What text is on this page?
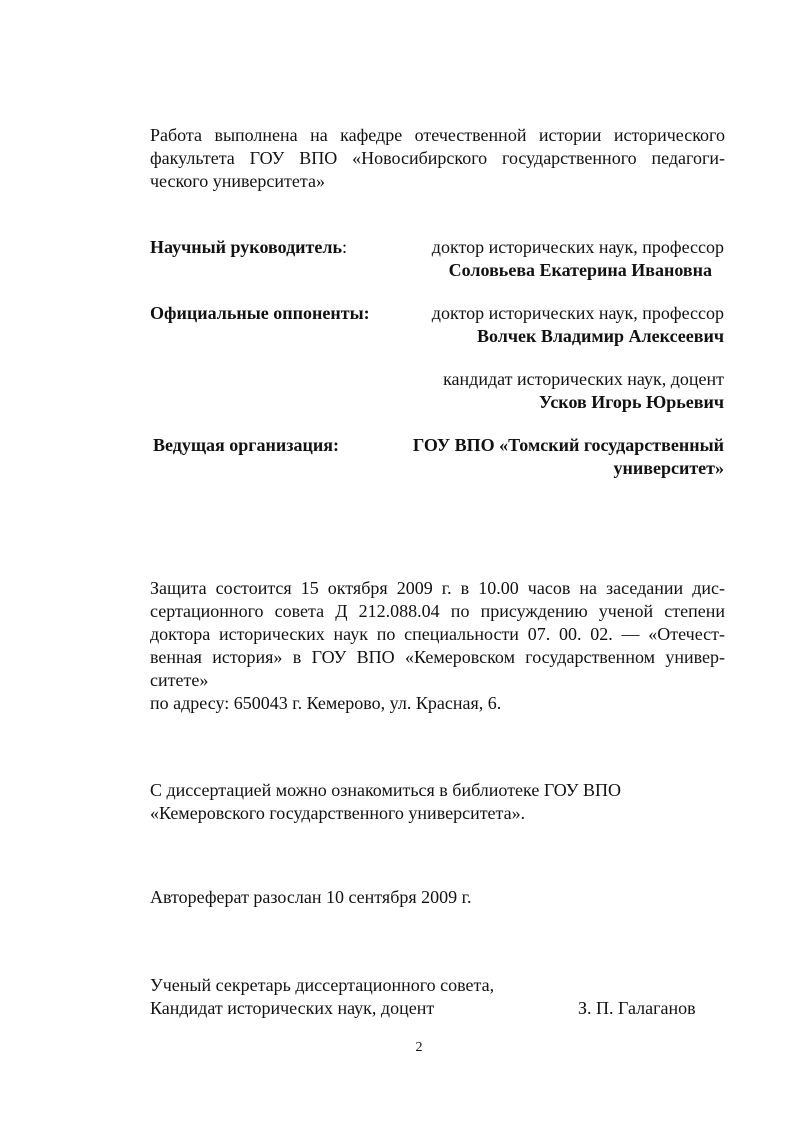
Работа выполнена на кафедре отечественной истории исторического
факультета ГОУ ВПО «Новосибирского государственного педагоги-
ческого университета»
Научный руководитель:	доктор исторических наук, профессор
Соловьева Екатерина Ивановна
Официальные оппоненты:	доктор исторических наук, профессор
Волчек Владимир Алексеевич
кандидат исторических наук, доцент
Усков Игорь Юрьевич
Ведущая организация:	ГОУ ВПО «Томский государственный
университет»
Защита состоится 15 октября 2009 г. в 10.00 часов на заседании дис-
сертационного совета Д 212.088.04 по присуждению ученой степени
доктора исторических наук по специальности 07. 00. 02. — «Отечест-
венная история» в ГОУ ВПО «Кемеровском государственном универ-
ситете»
по адресу: 650043 г. Кемерово, ул. Красная, 6.
С диссертацией можно ознакомиться в библиотеке ГОУ ВПО
«Кемеровского государственного университета».
Автореферат разослан 10 сентября 2009 г.
Ученый секретарь диссертационного совета,
Кандидат исторических наук, доцент	З. П. Галаганов
2
